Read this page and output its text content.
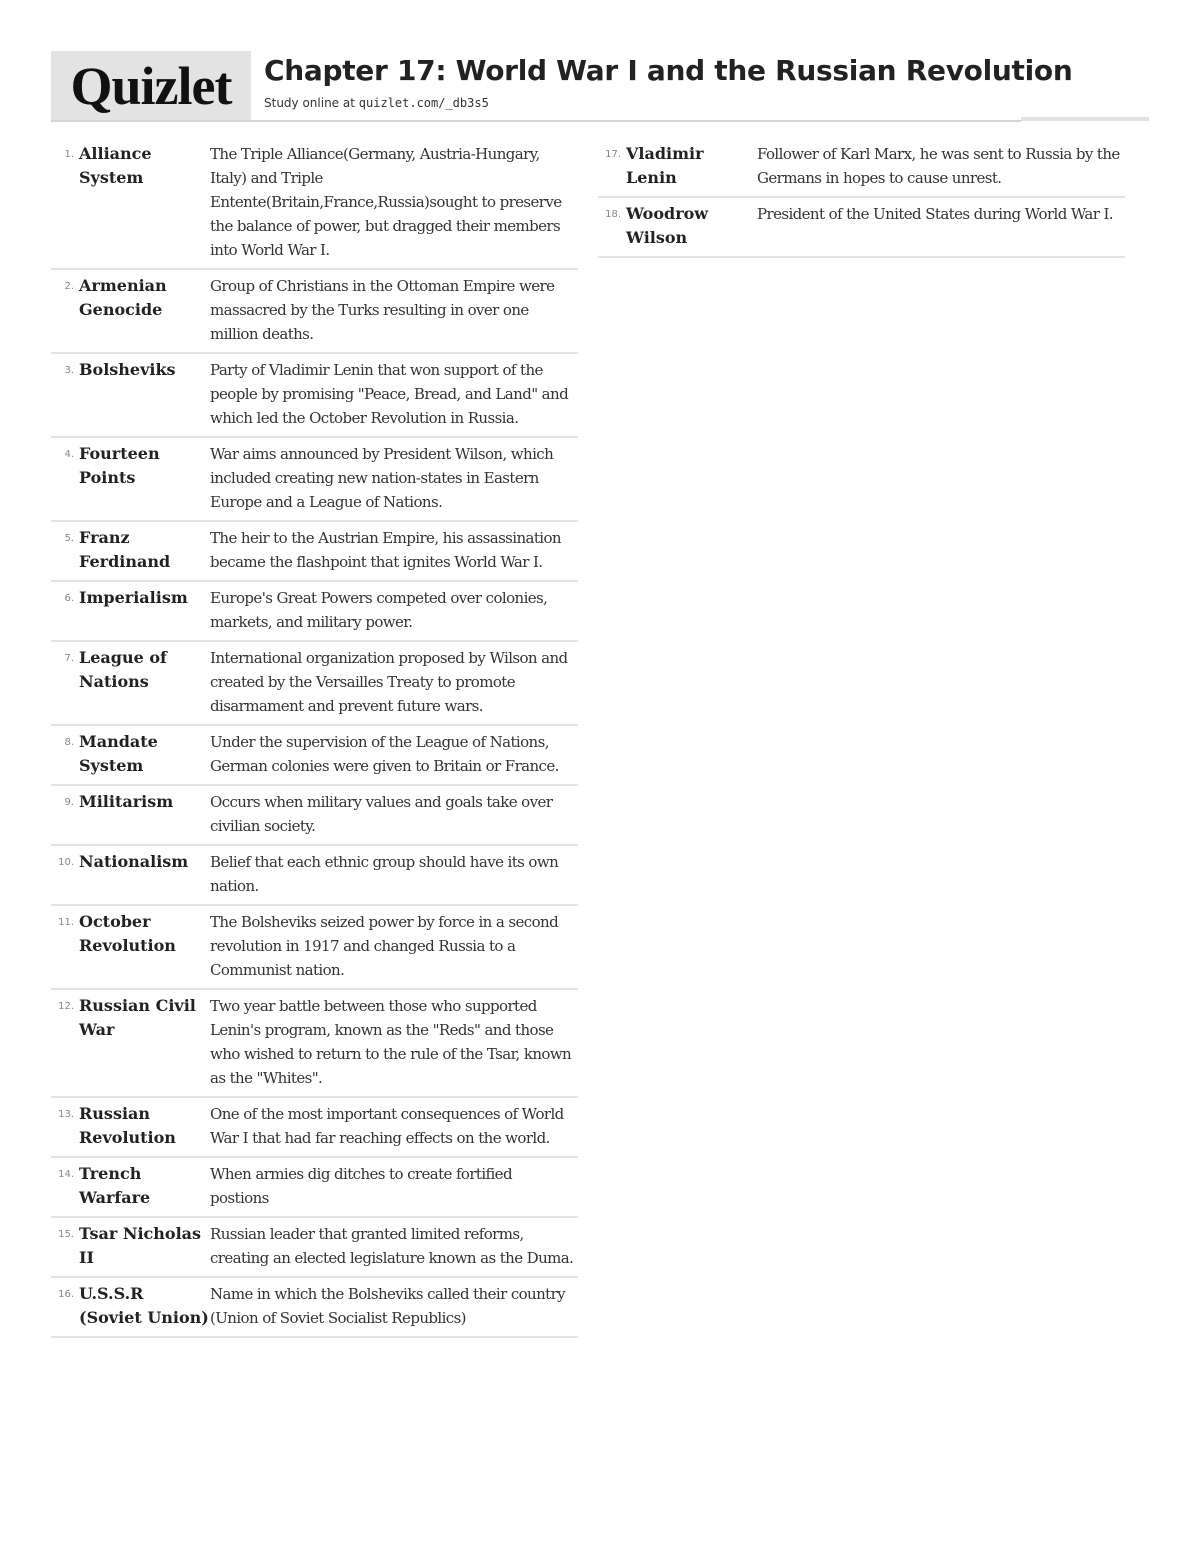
Quizlet Chapter 17: World War I and the Russian Revolution
Study online at quizlet.com/_db3s5
1. Alliance System
The Triple Alliance(Germany, Austria-Hungary, Italy) and Triple Entente(Britain,France,Russia)sought to preserve the balance of power, but dragged their members into World War I.
2. Armenian Genocide
Group of Christians in the Ottoman Empire were massacred by the Turks resulting in over one million deaths.
3. Bolsheviks	Party of Vladimir Lenin that won support of the people by promising "Peace, Bread, and Land" and which led the October Revolution in Russia.
4. Fourteen Points
War aims announced by President Wilson, which included creating new nation-states in Eastern Europe and a League of Nations.
5. Franz Ferdinand
The heir to the Austrian Empire, his assassination became the flashpoint that ignites World War I.
6. Imperialism	Europe's Great Powers competed over colonies, markets, and military power.
7. League of Nations
International organization proposed by Wilson and created by the Versailles Treaty to promote disarmament and prevent future wars.
8. Mandate System
Under the supervision of the League of Nations, German colonies were given to Britain or France.
9. Militarism	Occurs when military values and goals take over civilian society.
10. Nationalism	Belief that each ethnic group should have its own nation.
11. October Revolution
The Bolsheviks seized power by force in a second revolution in 1917 and changed Russia to a Communist nation.
12. Russian Civil War
Two year battle between those who supported Lenin's program, known as the "Reds" and those who wished to return to the rule of the Tsar, known as the "Whites".
13. Russian Revolution
One of the most important consequences of World War I that had far reaching effects on the world.
14. Trench Warfare
When armies dig ditches to create fortified postions
15. Tsar Nicholas II
Russian leader that granted limited reforms, creating an elected legislature known as the Duma.
16. U.S.S.R (Soviet Union)
Name in which the Bolsheviks called their country (Union of Soviet Socialist Republics)
17. Vladimir Lenin
Follower of Karl Marx, he was sent to Russia by the Germans in hopes to cause unrest.
18. Woodrow Wilson
President of the United States during World War I.
